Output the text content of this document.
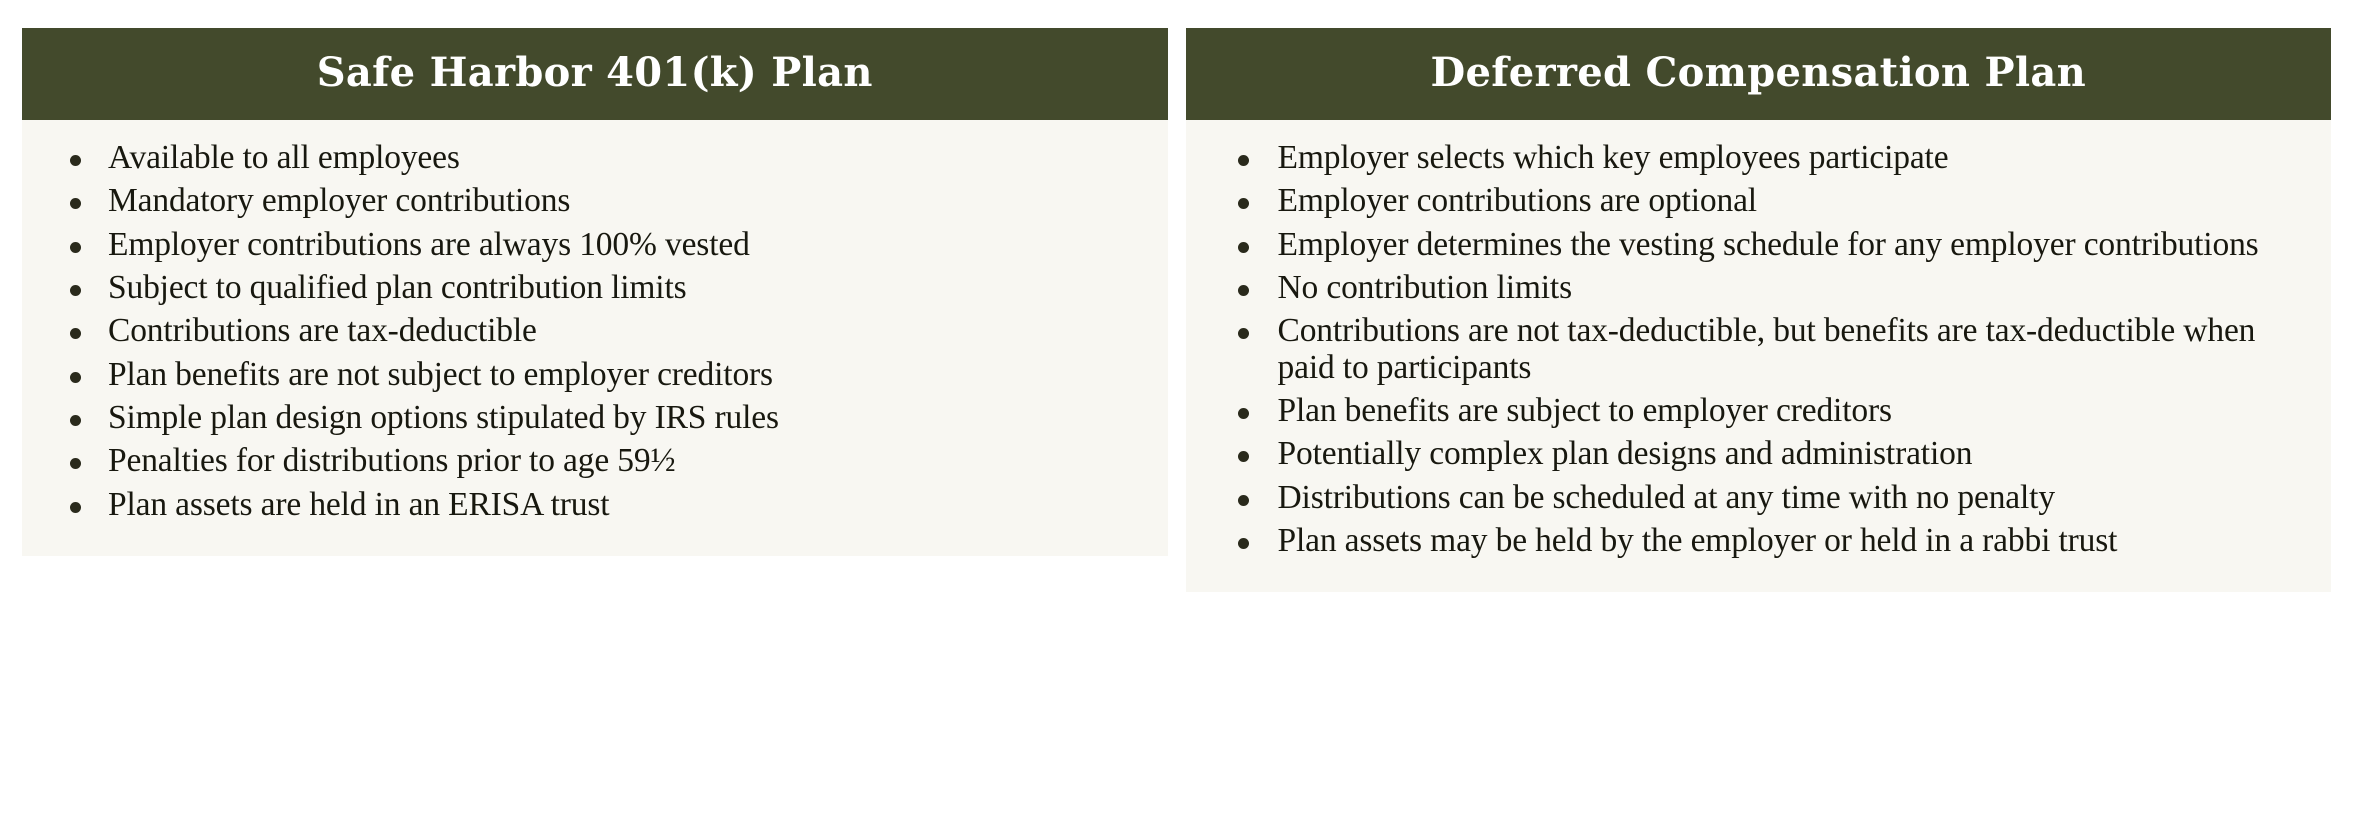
Safe Harbor 401(k) Plan
Available to all employees
Mandatory employer contributions
Employer contributions are always 100% vested
Subject to qualified plan contribution limits
Contributions are tax-deductible
Plan benefits are not subject to employer creditors
Simple plan design options stipulated by IRS rules
Penalties for distributions prior to age 59½
Plan assets are held in an ERISA trust
Deferred Compensation Plan
Employer selects which key employees participate
Employer contributions are optional
Employer determines the vesting schedule for any employer contributions
No contribution limits
Contributions are not tax-deductible, but benefits are tax-deductible when paid to participants
Plan benefits are subject to employer creditors
Potentially complex plan designs and administration
Distributions can be scheduled at any time with no penalty
Plan assets may be held by the employer or held in a rabbi trust
